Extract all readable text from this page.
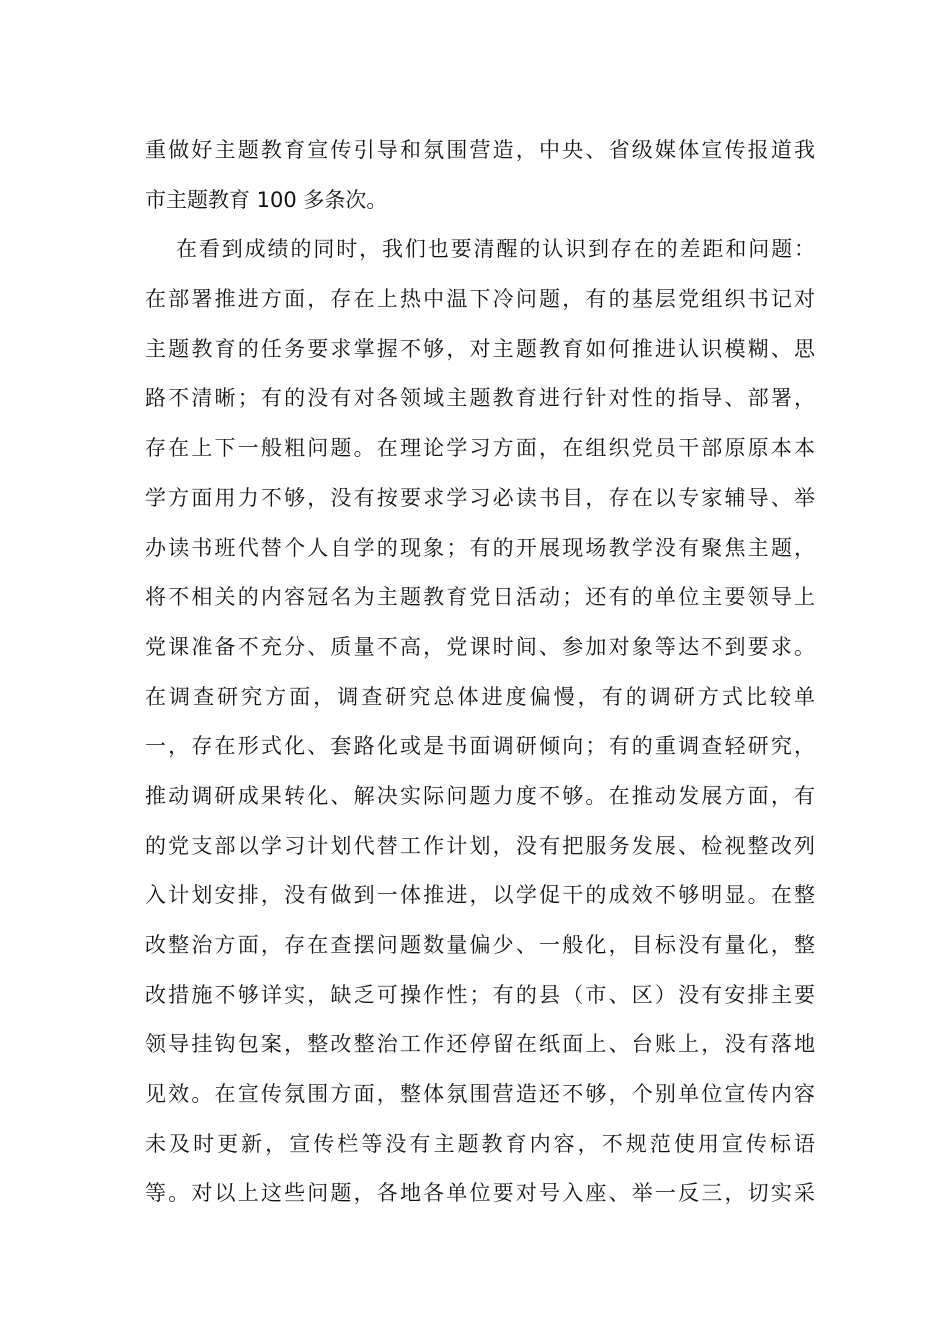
重做好主题教育宣传引导和氛围营造，中央、省级媒体宣传报道我
市主题教育 100 多条次。
在看到成绩的同时，我们也要清醒的认识到存在的差距和问题：
在部署推进方面，存在上热中温下冷问题，有的基层党组织书记对
主题教育的任务要求掌握不够，对主题教育如何推进认识模糊、思
路不清晰；有的没有对各领域主题教育进行针对性的指导、部署，
存在上下一般粗问题。在理论学习方面，在组织党员干部原原本本
学方面用力不够，没有按要求学习必读书目，存在以专家辅导、举
办读书班代替个人自学的现象；有的开展现场教学没有聚焦主题，
将不相关的内容冠名为主题教育党日活动；还有的单位主要领导上
党课准备不充分、质量不高，党课时间、参加对象等达不到要求。
在调查研究方面，调查研究总体进度偏慢，有的调研方式比较单
一，存在形式化、套路化或是书面调研倾向；有的重调查轻研究，
推动调研成果转化、解决实际问题力度不够。在推动发展方面，有
的党支部以学习计划代替工作计划，没有把服务发展、检视整改列
入计划安排，没有做到一体推进，以学促干的成效不够明显。在整
改整治方面，存在查摆问题数量偏少、一般化，目标没有量化，整
改措施不够详实，缺乏可操作性；有的县（市、区）没有安排主要
领导挂钩包案，整改整治工作还停留在纸面上、台账上，没有落地
见效。在宣传氛围方面，整体氛围营造还不够，个别单位宣传内容
未及时更新，宣传栏等没有主题教育内容，不规范使用宣传标语
等。对以上这些问题，各地各单位要对号入座、举一反三，切实采
